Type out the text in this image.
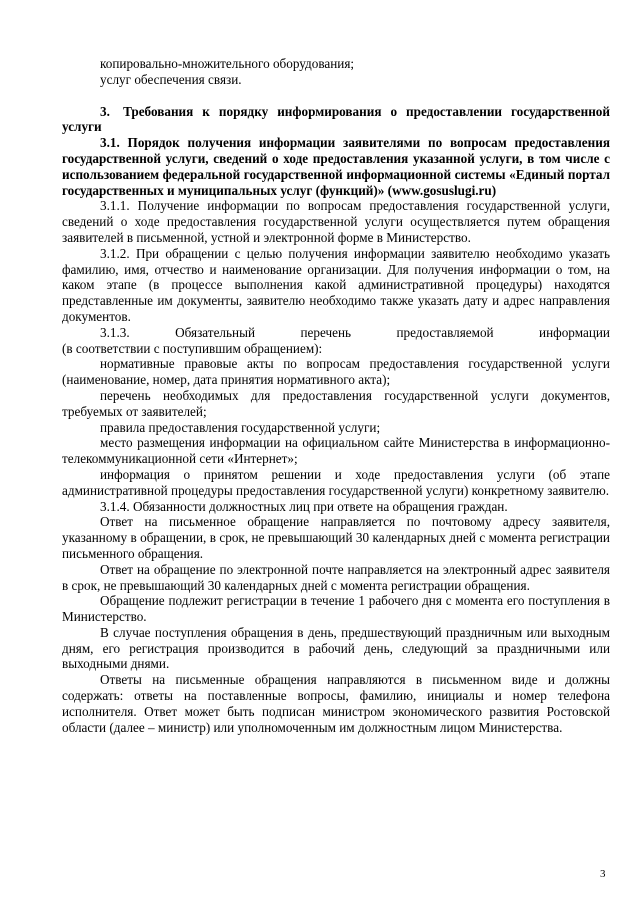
копировально-множительного оборудования;

услуг обеспечения связи.

3. Требования к порядку информирования о предоставлении государственной услуги

3.1. Порядок получения информации заявителями по вопросам предоставления государственной услуги, сведений о ходе предоставления указанной услуги, в том числе с использованием федеральной государственной информационной системы «Единый портал государственных и муниципальных услуг (функций)» (www.gosuslugi.ru)

3.1.1. Получение информации по вопросам предоставления государственной услуги, сведений о ходе предоставления государственной услуги осуществляется путем обращения заявителей в письменной, устной и электронной форме в Министерство.

3.1.2. При обращении с целью получения информации заявителю необходимо указать фамилию, имя, отчество и наименование организации. Для получения информации о том, на каком этапе (в процессе выполнения какой административной процедуры) находятся представленные им документы, заявителю необходимо также указать дату и адрес направления документов.

3.1.3. Обязательный перечень предоставляемой информации

(в соответствии с поступившим обращением):

нормативные правовые акты по вопросам предоставления государственной услуги (наименование, номер, дата принятия нормативного акта);

перечень необходимых для предоставления государственной услуги документов, требуемых от заявителей;

правила предоставления государственной услуги;

место размещения информации на официальном сайте Министерства в информационно-телекоммуникационной сети «Интернет»;

информация о принятом решении и ходе предоставления услуги (об этапе административной процедуры предоставления государственной услуги) конкретному заявителю.

3.1.4. Обязанности должностных лиц при ответе на обращения граждан.

Ответ на письменное обращение направляется по почтовому адресу заявителя, указанному в обращении, в срок, не превышающий 30 календарных дней с момента регистрации письменного обращения.

Ответ на обращение по электронной почте направляется на электронный адрес заявителя в срок, не превышающий 30 календарных дней с момента регистрации обращения.

Обращение подлежит регистрации в течение 1 рабочего дня с момента его поступления в Министерство.

В случае поступления обращения в день, предшествующий праздничным или выходным дням, его регистрация производится в рабочий день, следующий за праздничными или выходными днями.

Ответы на письменные обращения направляются в письменном виде и должны содержать: ответы на поставленные вопросы, фамилию, инициалы и номер телефона исполнителя. Ответ может быть подписан министром экономического развития Ростовской области (далее – министр) или уполномоченным им должностным лицом Министерства.

3
